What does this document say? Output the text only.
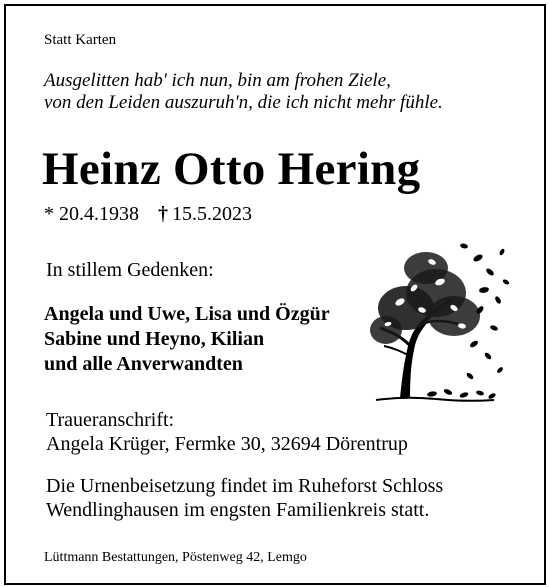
Statt Karten
Ausgelitten hab' ich nun, bin am frohen Ziele,
von den Leiden auszuruh'n, die ich nicht mehr fühle.
Heinz Otto Hering
* 20.4.1938 † 15.5.2023
In stillem Gedenken:
Angela und Uwe, Lisa und Özgür
Sabine und Heyno, Kilian
und alle Anverwandten
Traueranschrift:
Angela Krüger, Fermke 30, 32694 Dörentrup
Die Urnenbeisetzung findet im Ruheforst Schloss
Wendlinghausen im engsten Familienkreis statt.
Lüttmann Bestattungen, Pöstenweg 42, Lemgo
